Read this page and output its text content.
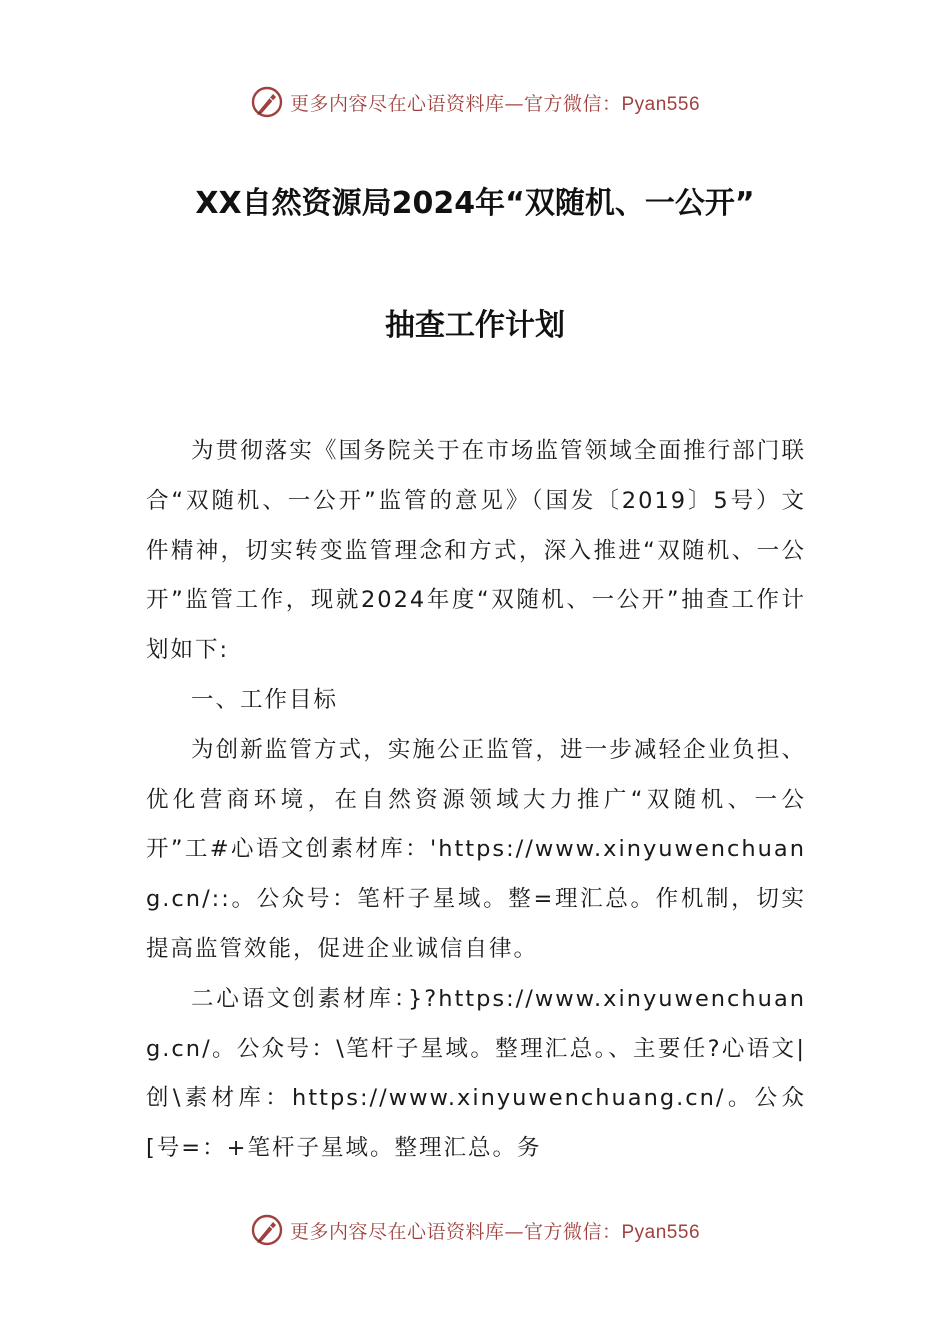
更多内容尽在心语资料库—官方微信：Pyan556
XX自然资源局2024年“双随机、一公开”
抽查工作计划

为贯彻落实《国务院关于在市场监管领域全面推行部门联合“双随机、一公开”监管的意见》（国发〔2019〕5号）文件精神，切实转变监管理念和方式，深入推进“双随机、一公开”监管工作，现就2024年度“双随机、一公开”抽查工作计划如下:

一、工作目标

为创新监管方式，实施公正监管，进一步减轻企业负担、优化营商环境，在自然资源领域大力推广“双随机、一公开”工#心语文创素材库：'https://www.xinyuwenchuang.cn/::。公众号：笔杆子星域。整=理汇总。作机制，切实提高监管效能，促进企业诚信自律。

二心语文创素材库：}?https://www.xinyuwenchuang.cn/。公众号：\笔杆子星域。整理汇总。、主要任?心语文|创\素材库：https://www.xinyuwenchuang.cn/。公众[号=：+笔杆子星域。整理汇总。务

更多内容尽在心语资料库—官方微信：Pyan556
